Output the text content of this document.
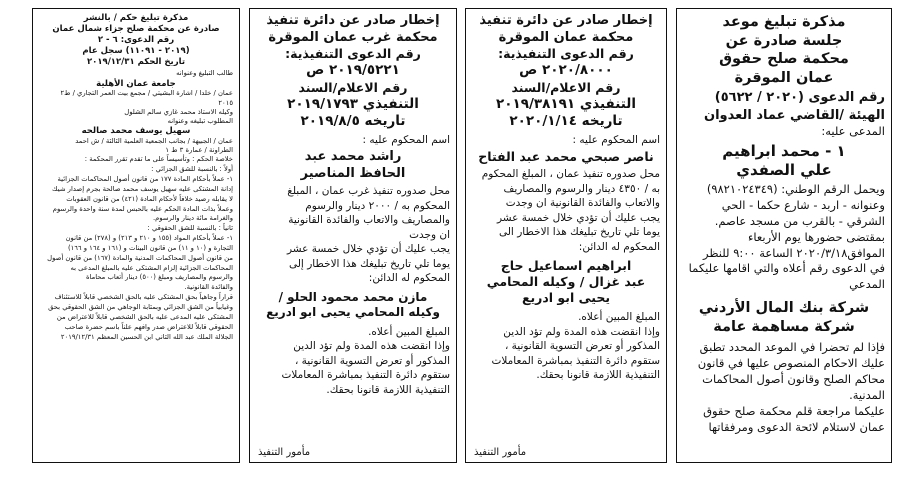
مذكرة تبليغ موعد
جلسة صادرة عن
محكمة صلح حقوق
عمان الموقرة
رقم الدعوى (٢٠٢٠ / ٥٦٢٢)
الهيئة /القاضي عماد العدوان
المدعى عليه:
١ - محمد ابراهيم
علي الصفدي
ويحمل الرقم الوطني: (٩٨٢١٠٢٤٣٤٩)
وعنوانه - اربد - شارع حكما - الحي
الشرقي - بالقرب من مسجد عاصم.
بمقتضى حضورها يوم الأربعاء
الموافق٢٠٢٠/٣/١٨ الساعة ٩:٠٠ للنظر
في الدعوى رقم أعلاه والتي اقامها عليكما
المدعي
شركة بنك المال الأردني
شركة مساهمة عامة
فإذا لم تحضرا في الموعد المحدد تطبق
عليك الاحكام المنصوص عليها في قانون
محاكم الصلح وقانون أصول المحاكمات
المدنية.
عليكما مراجعة قلم محكمة صلح حقوق
عمان لاستلام لائحة الدعوى ومرفقاتها
إخطار صادر عن دائرة تنفيذ
محكمة عمان الموقرة
رقم الدعوى التنفيذية:
٢٠٢٠/٨٠٠٠ ص
رقم الاعلام/السند
التنفيذي ٢٠١٩/٣٨١٩١
تاريخه ٢٠٢٠/١/١٤
اسم المحكوم عليه :
ناصر صبحي محمد عبد الفتاح
محل صدوره تنفيذ عمان ، المبلغ المحكوم
به / ٤٣٥٠ دينار والرسوم والمصاريف
والاتعاب والفائدة القانونية ان وجدت
يجب عليك أن تؤدي خلال خمسة عشر
يوما تلي تاريخ تبليغك هذا الاخطار الى
المحكوم له الدائن:
ابراهيم اسماعيل حاج
عبد غزال / وكيله المحامي
يحيى ابو ادريع
المبلغ المبين أعلاه.
وإذا انقضت هذه المدة ولم تؤد الدين
المذكور أو تعرض التسوية القانونية ،
ستقوم دائرة التنفيذ بمباشرة المعاملات
التنفيذية اللازمة قانونا بحقك.
مأمور التنفيذ
إخطار صادر عن دائرة تنفيذ
محكمة غرب عمان الموقرة
رقم الدعوى التنفيذية:
٢٠١٩/٥٢٢١ ص
رقم الاعلام/السند
التنفيذي ٢٠١٩/١٧٩٣
تاريخه ٢٠١٩/٨/٥
اسم المحكوم عليه :
راشد محمد عبد
الحافظ المناصير
محل صدوره تنفيذ غرب عمان ، المبلغ
المحكوم به / ٢٠٠٠ دينار والرسوم
والمصاريف والاتعاب والفائدة القانونية
ان وجدت
يجب عليك أن تؤدي خلال خمسة عشر
يوما تلي تاريخ تبليغك هذا الاخطار إلى
المحكوم له الدائن:
مازن محمد محمود الحلو /
وكيله المحامي يحيى ابو ادريع
المبلغ المبين أعلاه.
وإذا انقضت هذه المدة ولم تؤد الدين
المذكور أو تعرض التسوية القانونية ،
ستقوم دائرة التنفيذ بمباشرة المعاملات
التنفيذية اللازمة قانونا بحقك.
مأمور التنفيذ
مذكرة تبليغ حكم / بالنشر
صادرة عن محكمة صلح جزاء شمال عمان
رقم الدعوى: ٦ - ٢
(٢٠١٩ - ١١٠٩١) سجل عام
تاريخ الحكم ٢٠١٩/١٢/٣١
طالب التبليغ وعنوانه
جامعة عمان الأهلية
عمان / خلدا / اشارة البشيتي / مجمع بيت العمر التجاري / ط٢
٢٠١٥
وكيله الاستاذ محمد غازي سالم الشلول
المطلوب تبليغه وعنوانه
سهيل يوسف محمد صالحه
عمان / الجبيهة / بجانب الجمعية العلمية الثالثة / ش احمد
الطراونة / عمارة ٣ ط ١
خلاصة الحكم : وتأسيساً على ما تقدم تقرر المحكمة :
أولاً : بالنسبة للشق الجزائي :
١- عملاً بأحكام المادة ١٧٧ من قانون أصول المحاكمات الجزائية
إدانة المشتكى عليه سهيل يوسف محمد صالحة بجرم إصدار شيك
لا يقابله رصيد خلافاً لأحكام المادة (٤٢١) من قانون العقوبات
وعملاً بذات المادة الحكم عليه بالحبس لمدة سنة واحدة والرسوم
والغرامة مائة دينار والرسوم.
ثانياً : بالنسبة للشق الحقوقي :
١- عملاً بأحكام المواد (١٥٥ و ٢١٠ و ٢١٣) و (٢٧٨) من قانون
التجارة و (١٠ و ١١) من قانون البينات و (١٦١ و ١٦٤ و ١٦٦)
من قانون أصول المحاكمات المدنية والمادة (١٦٧) من قانون أصول
المحاكمات الجزائية إلزام المشتكى عليه بالمبلغ المدعى به
والرسوم والمصاريف ومبلغ (٥٠٠) دينار أتعاب محاماة
والفائدة القانونية.
قراراً وجاهياً بحق المشتكى عليه بالحق الشخصي قابلاً للاستئناف
وغيابياً من الشق الجزائي وبمثابة الوجاهي من الشق الحقوقي بحق
المشتكى عليه المدعى عليه بالحق الشخصي قابلاً للاعتراض من
الحقوقي قابلاً للاعتراض صدر وافهم علناً باسم حضرة صاحب
الجلالة الملك عبد الله الثاني ابن الحسين المعظم ٢٠١٩/١٢/٣١
